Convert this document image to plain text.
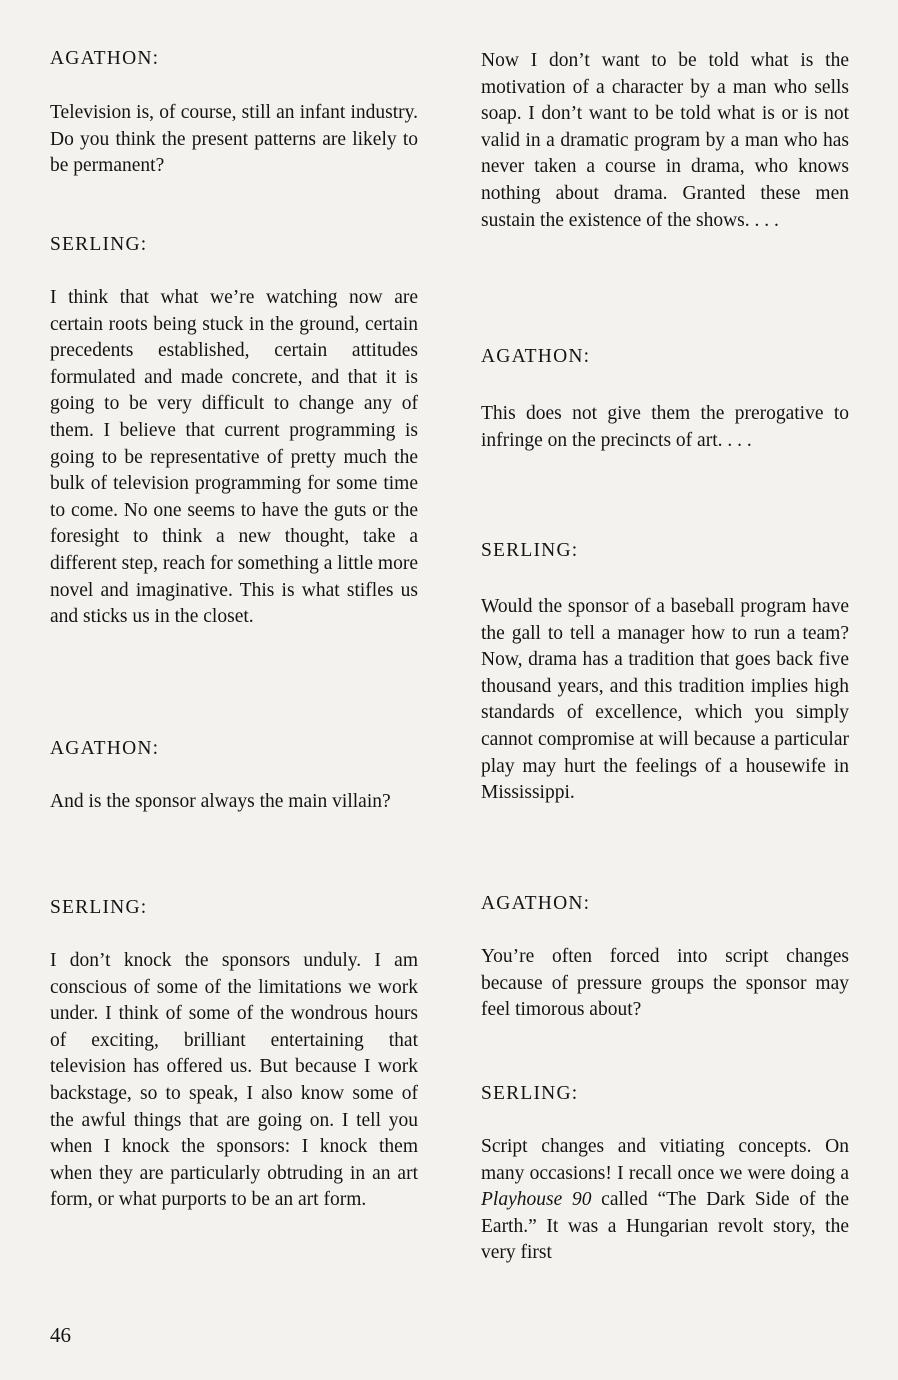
AGATHON:

Television is, of course, still an infant industry. Do you think the present patterns are likely to be permanent?

SERLING:

I think that what we’re watching now are certain roots being stuck in the ground, certain precedents established, certain attitudes formulated and made concrete, and that it is going to be very difficult to change any of them. I believe that current programming is going to be representative of pretty much the bulk of television programming for some time to come. No one seems to have the guts or the foresight to think a new thought, take a different step, reach for something a little more novel and imaginative. This is what stifles us and sticks us in the closet.

AGATHON:

And is the sponsor always the main villain?

SERLING:

I don’t knock the sponsors unduly. I am conscious of some of the limitations we work under. I think of some of the wondrous hours of exciting, brilliant entertaining that television has offered us. But because I work backstage, so to speak, I also know some of the awful things that are going on. I tell you when I knock the sponsors: I knock them when they are particularly obtruding in an art form, or what purports to be an art form.

Now I don’t want to be told what is the motivation of a character by a man who sells soap. I don’t want to be told what is or is not valid in a dramatic program by a man who has never taken a course in drama, who knows nothing about drama. Granted these men sustain the existence of the shows. . . .

AGATHON:

This does not give them the prerogative to infringe on the precincts of art. . . .

SERLING:

Would the sponsor of a baseball program have the gall to tell a manager how to run a team? Now, drama has a tradition that goes back five thousand years, and this tradition implies high standards of excellence, which you simply cannot compromise at will because a particular play may hurt the feelings of a housewife in Mississippi.

AGATHON:

You’re often forced into script changes because of pressure groups the sponsor may feel timorous about?

SERLING:

Script changes and vitiating concepts. On many occasions! I recall once we were doing a Playhouse 90 called “The Dark Side of the Earth.” It was a Hungarian revolt story, the very first

46
